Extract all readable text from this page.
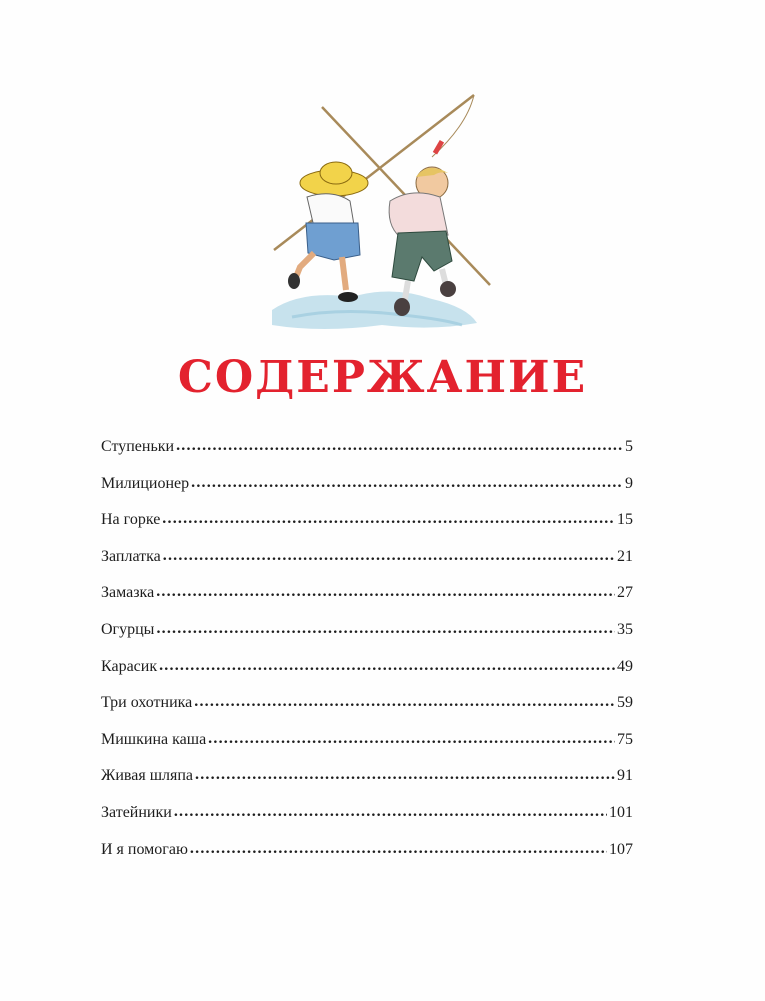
СОДЕРЖАНИЕ
Ступеньки .....	5
Милиционер .....	9
На горке .....	15
Заплатка .....	21
Замазка .....	27
Огурцы .....	35
Карасик .....	49
Три охотника .....	59
Мишкина каша .....	75
Живая шляпа .....	91
Затейники .....	101
И я помогаю .....	107
